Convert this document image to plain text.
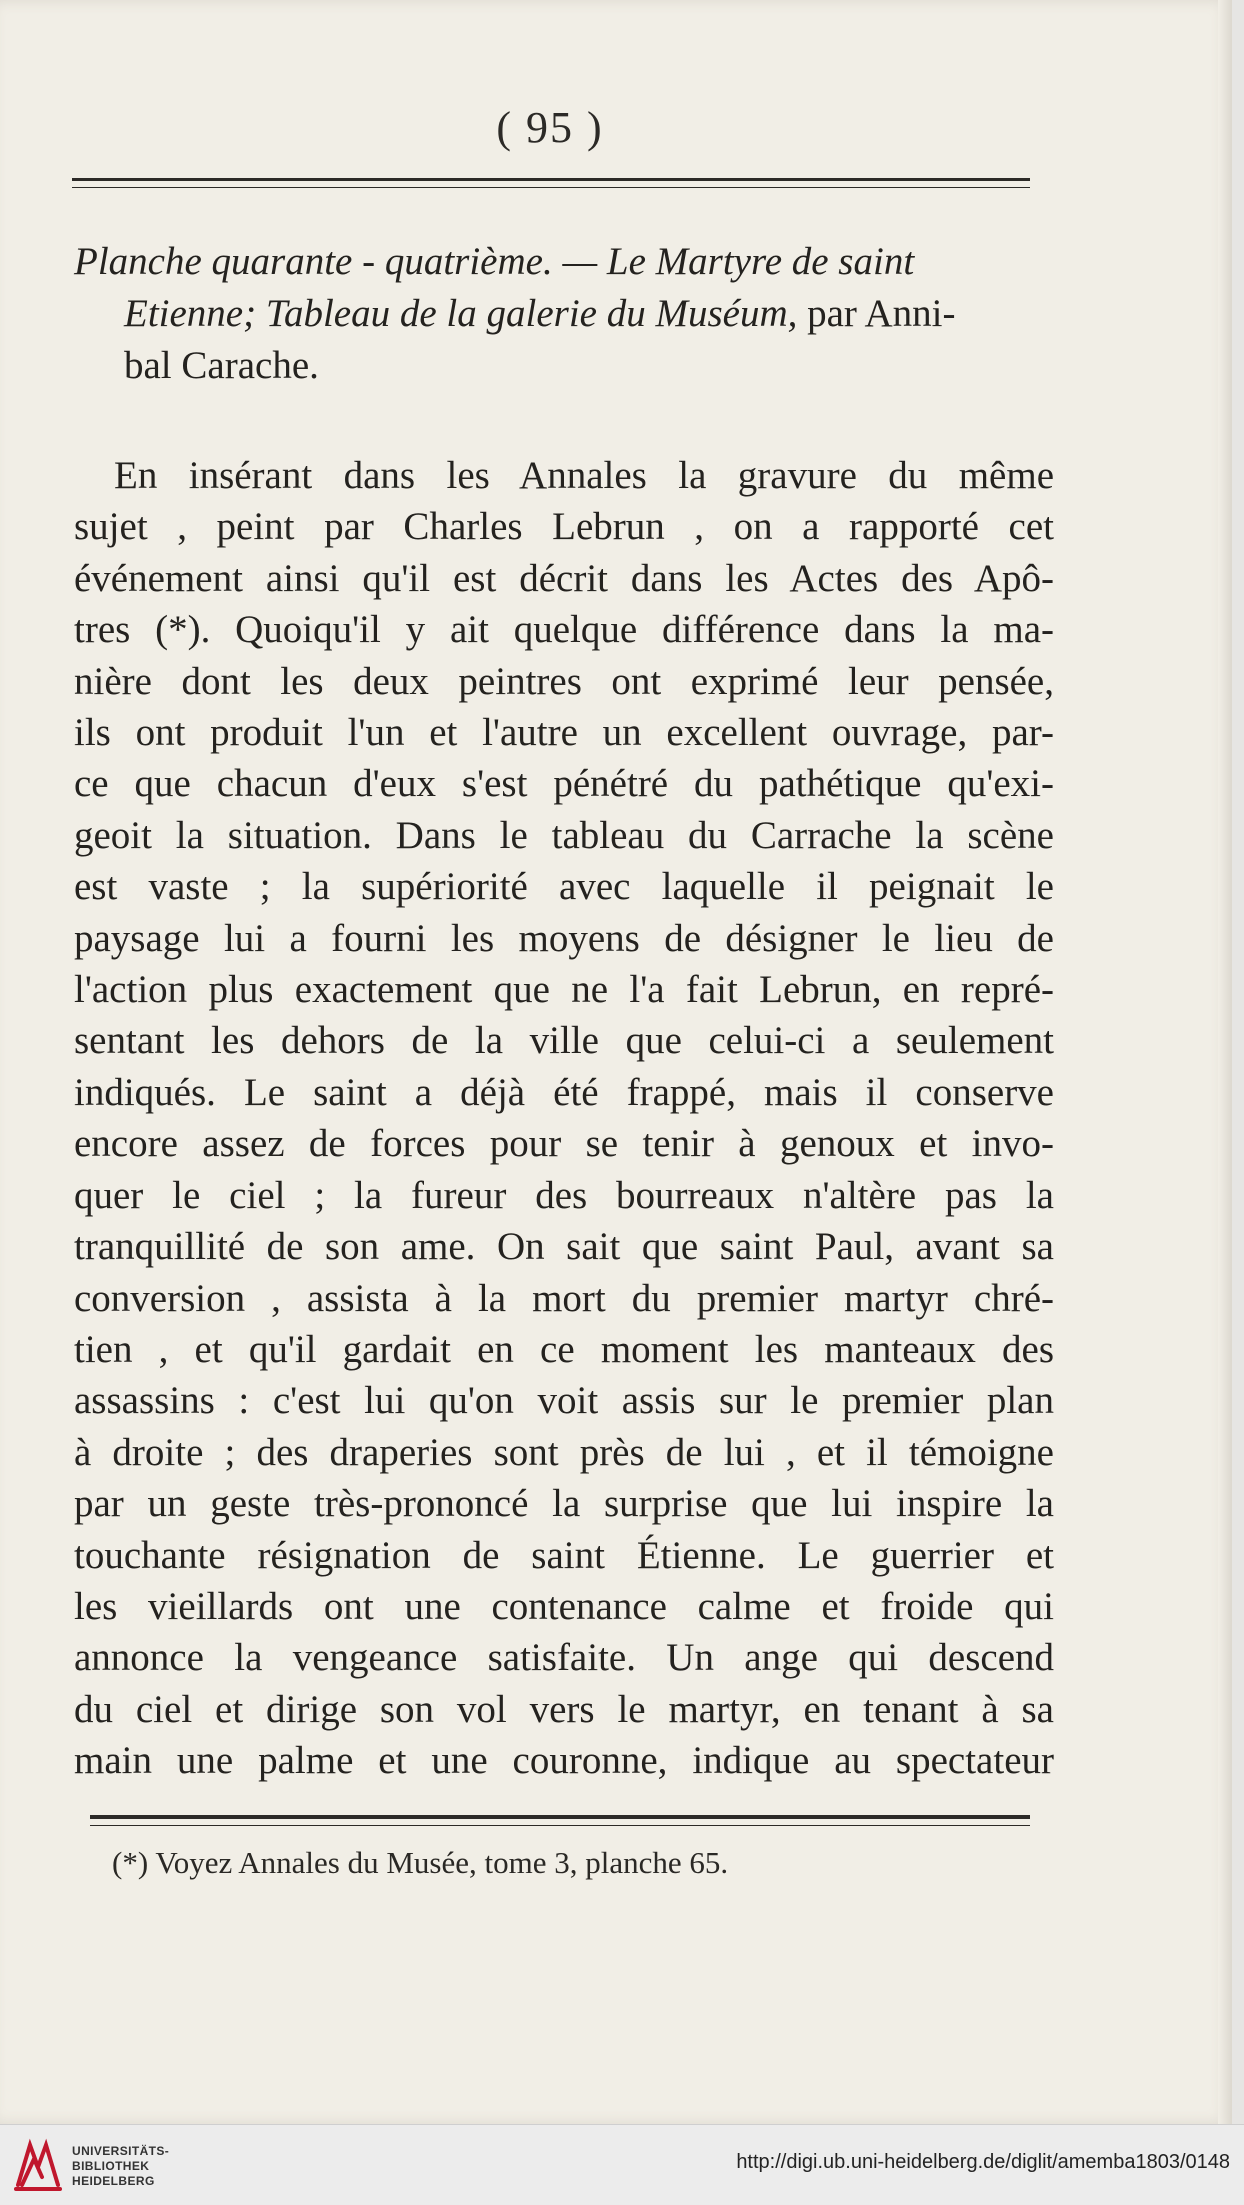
( 95 )
Planche quarante - quatrième. — Le Martyre de saint
Etienne; Tableau de la galerie du Muséum, par Anni-
bal Carache.
En insérant dans les Annales la gravure du même
sujet , peint par Charles Lebrun , on a rapporté cet
événement ainsi qu'il est décrit dans les Actes des Apô-
tres (*). Quoiqu'il y ait quelque différence dans la ma-
nière dont les deux peintres ont exprimé leur pensée,
ils ont produit l'un et l'autre un excellent ouvrage, par-
ce que chacun d'eux s'est pénétré du pathétique qu'exi-
geoit la situation. Dans le tableau du Carrache la scène
est vaste ; la supériorité avec laquelle il peignait le
paysage lui a fourni les moyens de désigner le lieu de
l'action plus exactement que ne l'a fait Lebrun, en repré-
sentant les dehors de la ville que celui-ci a seulement
indiqués. Le saint a déjà été frappé, mais il conserve
encore assez de forces pour se tenir à genoux et invo-
quer le ciel ; la fureur des bourreaux n'altère pas la
tranquillité de son ame. On sait que saint Paul, avant sa
conversion , assista à la mort du premier martyr chré-
tien , et qu'il gardait en ce moment les manteaux des
assassins : c'est lui qu'on voit assis sur le premier plan
à droite ; des draperies sont près de lui , et il témoigne
par un geste très-prononcé la surprise que lui inspire la
touchante résignation de saint Étienne. Le guerrier et
les vieillards ont une contenance calme et froide qui
annonce la vengeance satisfaite. Un ange qui descend
du ciel et dirige son vol vers le martyr, en tenant à sa
main une palme et une couronne, indique au spectateur
(*) Voyez Annales du Musée, tome 3, planche 65.
UNIVERSITÄTS-
BIBLIOTHEK
HEIDELBERG
http://digi.ub.uni-heidelberg.de/diglit/amemba1803/0148
